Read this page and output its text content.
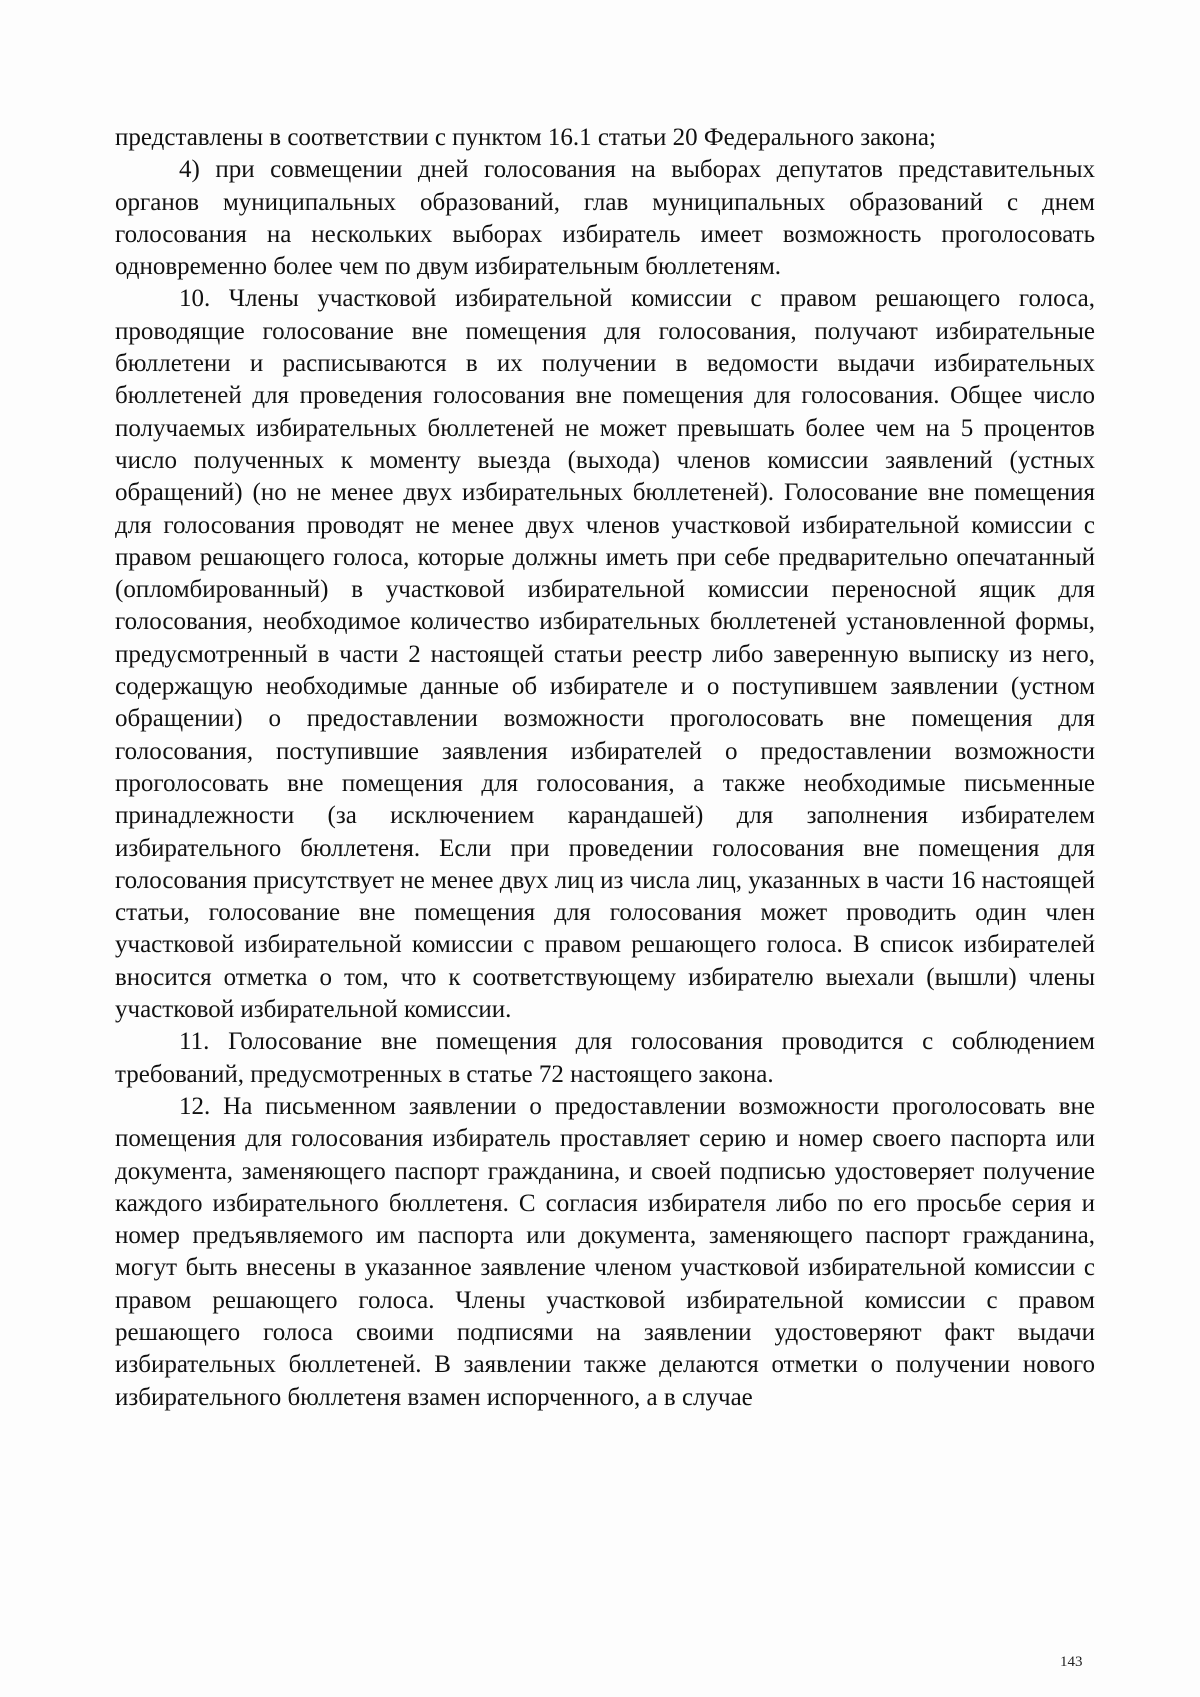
представлены в соответствии с пунктом 16.1 статьи 20 Федерального закона;

4) при совмещении дней голосования на выборах депутатов представительных органов муниципальных образований, глав муниципальных образований с днем голосования на нескольких выборах избиратель имеет возможность проголосовать одновременно более чем по двум избирательным бюллетеням.

10. Члены участковой избирательной комиссии с правом решающего голоса, проводящие голосование вне помещения для голосования, получают избирательные бюллетени и расписываются в их получении в ведомости выдачи избирательных бюллетеней для проведения голосования вне помещения для голосования. Общее число получаемых избирательных бюллетеней не может превышать более чем на 5 процентов число полученных к моменту выезда (выхода) членов комиссии заявлений (устных обращений) (но не менее двух избирательных бюллетеней). Голосование вне помещения для голосования проводят не менее двух членов участковой избирательной комиссии с правом решающего голоса, которые должны иметь при себе предварительно опечатанный (опломбированный) в участковой избирательной комиссии переносной ящик для голосования, необходимое количество избирательных бюллетеней установленной формы, предусмотренный в части 2 настоящей статьи реестр либо заверенную выписку из него, содержащую необходимые данные об избирателе и о поступившем заявлении (устном обращении) о предоставлении возможности проголосовать вне помещения для голосования, поступившие заявления избирателей о предоставлении возможности проголосовать вне помещения для голосования, а также необходимые письменные принадлежности (за исключением карандашей) для заполнения избирателем избирательного бюллетеня. Если при проведении голосования вне помещения для голосования присутствует не менее двух лиц из числа лиц, указанных в части 16 настоящей статьи, голосование вне помещения для голосования может проводить один член участковой избирательной комиссии с правом решающего голоса. В список избирателей вносится отметка о том, что к соответствующему избирателю выехали (вышли) члены участковой избирательной комиссии.

11. Голосование вне помещения для голосования проводится с соблюдением требований, предусмотренных в статье 72 настоящего закона.

12. На письменном заявлении о предоставлении возможности проголосовать вне помещения для голосования избиратель проставляет серию и номер своего паспорта или документа, заменяющего паспорт гражданина, и своей подписью удостоверяет получение каждого избирательного бюллетеня. С согласия избирателя либо по его просьбе серия и номер предъявляемого им паспорта или документа, заменяющего паспорт гражданина, могут быть внесены в указанное заявление членом участковой избирательной комиссии с правом решающего голоса. Члены участковой избирательной комиссии с правом решающего голоса своими подписями на заявлении удостоверяют факт выдачи избирательных бюллетеней. В заявлении также делаются отметки о получении нового избирательного бюллетеня взамен испорченного, а в случае

143
